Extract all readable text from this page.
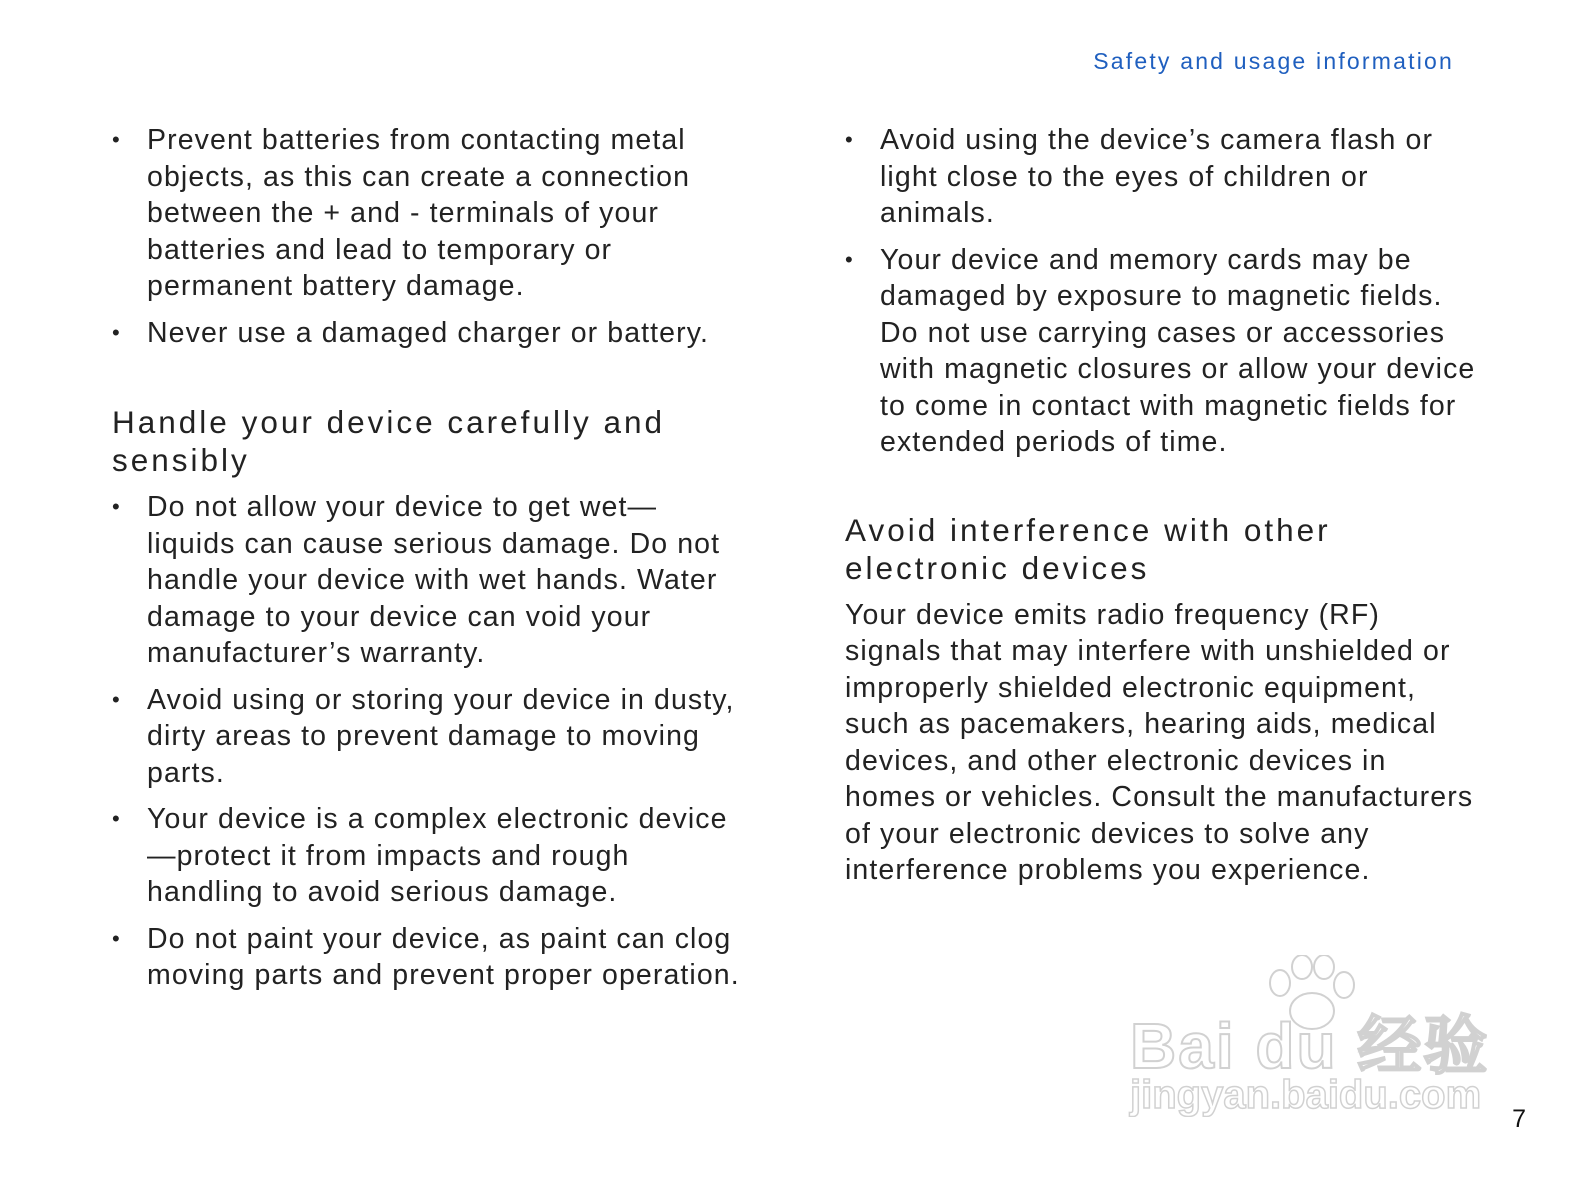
Safety and usage information
• Prevent batteries from contacting metal objects, as this can create a connection between the + and - terminals of your batteries and lead to temporary or permanent battery damage.
• Never use a damaged charger or battery.
Handle your device carefully and sensibly
• Do not allow your device to get wet—liquids can cause serious damage. Do not handle your device with wet hands. Water damage to your device can void your manufacturer’s warranty.
• Avoid using or storing your device in dusty, dirty areas to prevent damage to moving parts.
• Your device is a complex electronic device—protect it from impacts and rough handling to avoid serious damage.
• Do not paint your device, as paint can clog moving parts and prevent proper operation.
• Avoid using the device’s camera flash or light close to the eyes of children or animals.
• Your device and memory cards may be damaged by exposure to magnetic fields. Do not use carrying cases or accessories with magnetic closures or allow your device to come in contact with magnetic fields for extended periods of time.
Avoid interference with other electronic devices

Your device emits radio frequency (RF) signals that may interfere with unshielded or improperly shielded electronic equipment, such as pacemakers, hearing aids, medical devices, and other electronic devices in homes or vehicles. Consult the manufacturers of your electronic devices to solve any interference problems you experience.

Bai du 经验
jingyan.baidu.com
7
